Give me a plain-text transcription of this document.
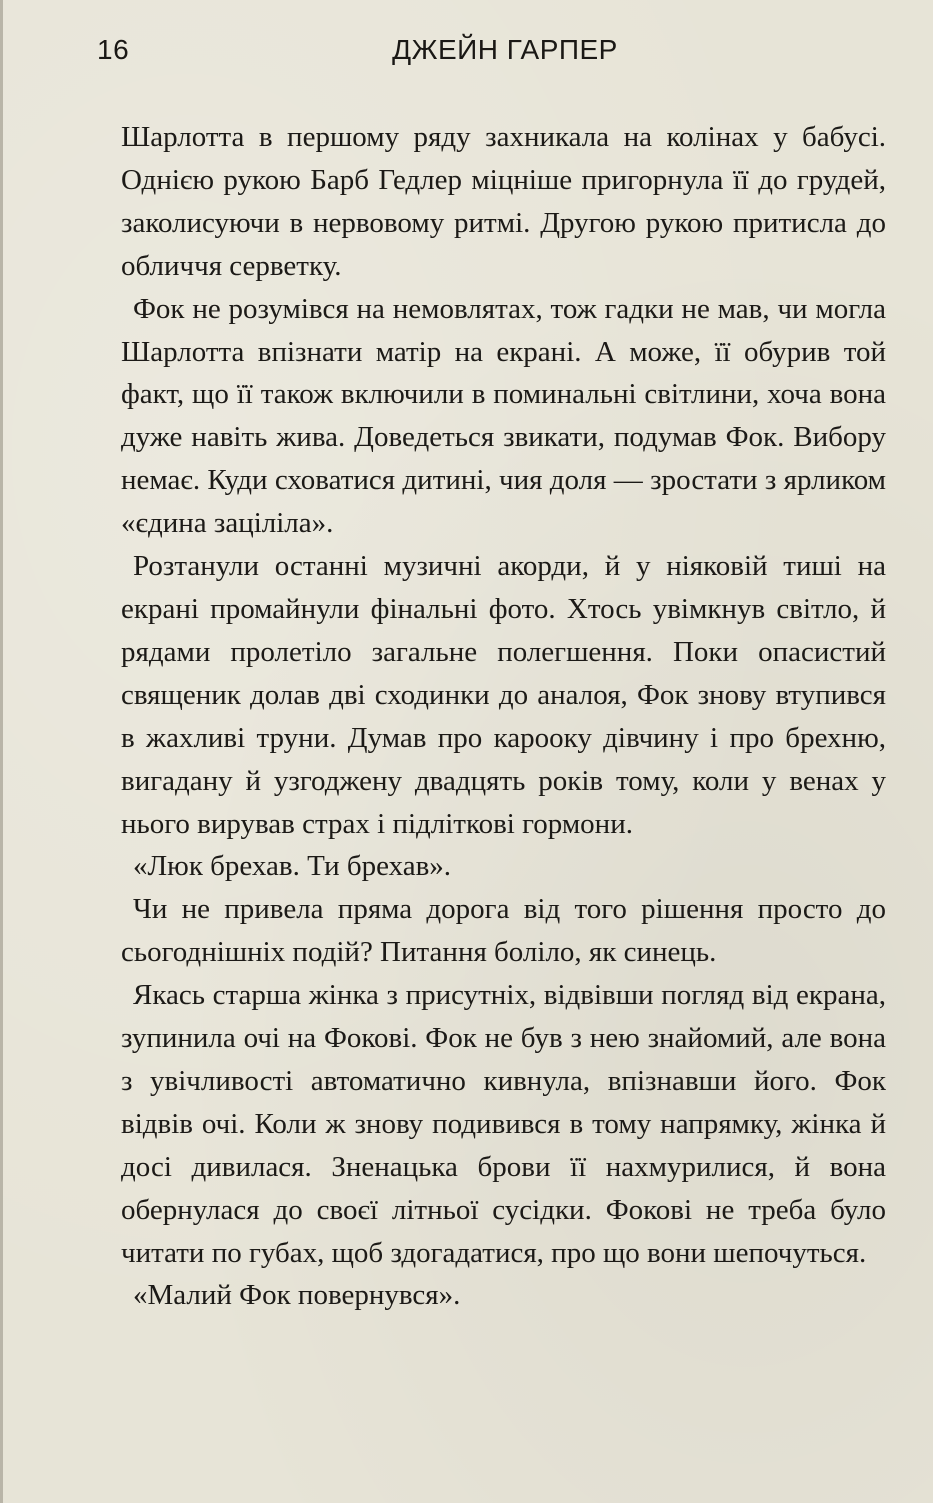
16	ДЖЕЙН ГАРПЕР

Шарлотта в першому ряду захникала на колінах у бабусі. Однією рукою Барб Гедлер міцніше пригорнула її до грудей, заколисуючи в нервовому ритмі. Другою рукою притисла до обличчя серветку.

Фок не розумівся на немовлятах, тож гадки не мав, чи могла Шарлотта впізнати матір на екрані. А може, її обурив той факт, що її також включили в поминальні світлини, хоча вона дуже навіть жива. Доведеться звикати, подумав Фок. Вибору немає. Куди сховатися дитині, чия доля — зростати з ярликом «єдина заціліла».

Розтанули останні музичні акорди, й у ніяковій тиші на екрані промайнули фінальні фото. Хтось увімкнув світло, й рядами пролетіло загальне полегшення. Поки опасистий священик долав дві сходинки до аналоя, Фок знову втупився в жахливі труни. Думав про карооку дівчину і про брехню, вигадану й узгоджену двадцять років тому, коли у венах у нього вирував страх і підліткові гормони.

«Люк брехав. Ти брехав».

Чи не привела пряма дорога від того рішення просто до сьогоднішніх подій? Питання боліло, як синець.

Якась старша жінка з присутніх, відвівши погляд від екрана, зупинила очі на Фокові. Фок не був з нею знайомий, але вона з увічливості автоматично кивнула, впізнавши його. Фок відвів очі. Коли ж знову подивився в тому напрямку, жінка й досі дивилася. Зненацька брови її нахмурилися, й вона обернулася до своєї літньої сусідки. Фокові не треба було читати по губах, щоб здогадатися, про що вони шепочуться.

«Малий Фок повернувся».
